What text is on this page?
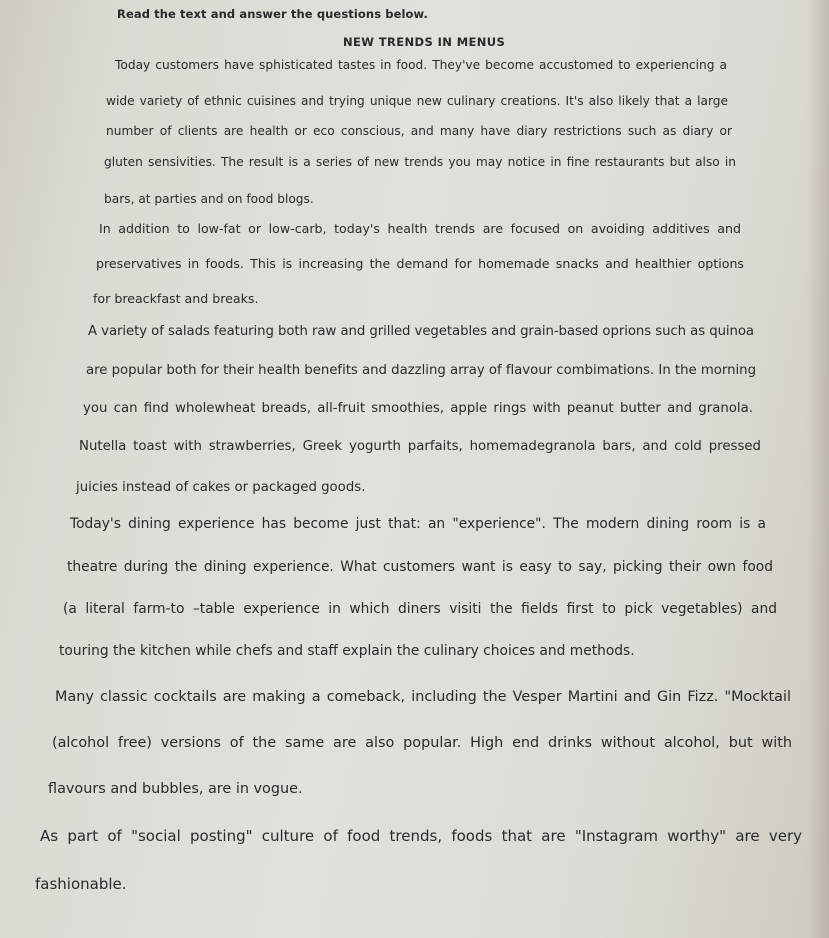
Read the text and answer the questions below.

NEW TRENDS IN MENUS

Today customers have sphisticated tastes in food. They've become accustomed to experiencing a

wide variety of ethnic cuisines and trying unique new culinary creations. It's also likely that a large

number of clients are health or eco conscious, and many have diary restrictions such as diary or

gluten sensivities. The result is a series of new trends you may notice in fine restaurants but also in

bars, at parties and on food blogs.

In addition to low-fat or low-carb, today's health trends are focused on avoiding additives and

preservatives in foods. This is increasing the demand for homemade snacks and healthier options

for breackfast and breaks.

A variety of salads featuring both raw and grilled vegetables and grain-based oprions such as quinoa

are popular both for their health benefits and dazzling array of flavour combimations. In the morning

you can find wholewheat breads, all-fruit smoothies, apple rings with peanut butter and granola.

Nutella toast with strawberries, Greek yogurth parfaits, homemadegranola bars, and cold pressed

juicies instead of cakes or packaged goods.

Today's dining experience has become just that: an "experience". The modern dining room is a

theatre during the dining experience. What customers want is easy to say, picking their own food

(a literal farm-to –table experience in which diners visiti the fields first to pick vegetables) and

touring the kitchen while chefs and staff explain the culinary choices and methods.

Many classic cocktails are making a comeback, including the Vesper Martini and Gin Fizz. "Mocktail

(alcohol free) versions of the same are also popular. High end drinks without alcohol, but with

flavours and bubbles, are in vogue.

As part of "social posting" culture of food trends, foods that are "Instagram worthy" are very

fashionable.
